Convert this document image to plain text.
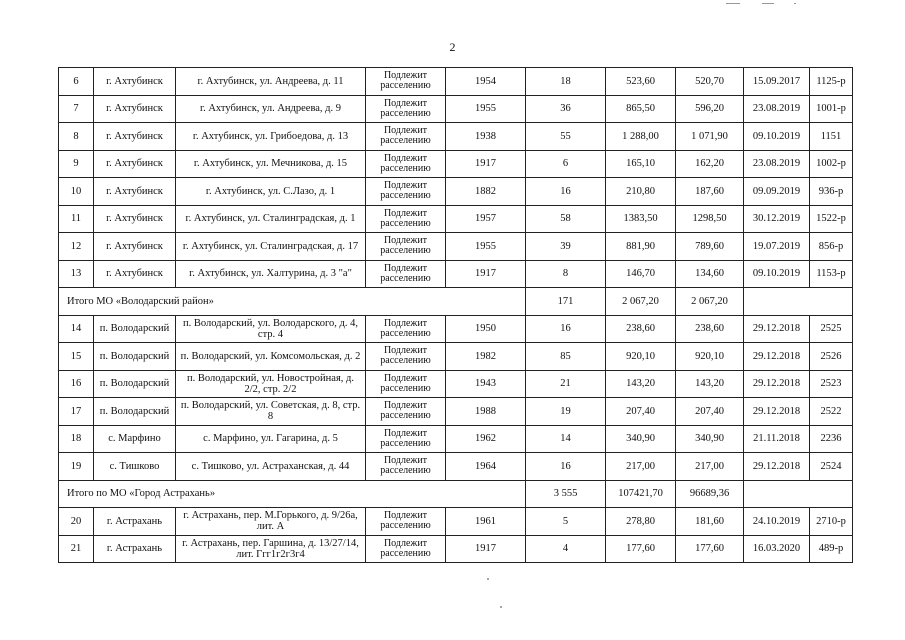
2
6	г. Ахтубинск	г. Ахтубинск, ул. Андреева, д. 11	Подлежит расселению	1954	18	523,60	520,70	15.09.2017	1125-р
7	г. Ахтубинск	г. Ахтубинск, ул. Андреева, д. 9	Подлежит расселению	1955	36	865,50	596,20	23.08.2019	1001-р
8	г. Ахтубинск	г. Ахтубинск, ул. Грибоедова, д. 13	Подлежит расселению	1938	55	1 288,00	1 071,90	09.10.2019	1151
9	г. Ахтубинск	г. Ахтубинск, ул. Мечникова, д. 15	Подлежит расселению	1917	6	165,10	162,20	23.08.2019	1002-р
10	г. Ахтубинск	г. Ахтубинск, ул. С.Лазо, д. 1	Подлежит расселению	1882	16	210,80	187,60	09.09.2019	936-р
11	г. Ахтубинск	г. Ахтубинск, ул. Сталинградская, д. 1	Подлежит расселению	1957	58	1383,50	1298,50	30.12.2019	1522-р
12	г. Ахтубинск	г. Ахтубинск, ул. Сталинградская, д. 17	Подлежит расселению	1955	39	881,90	789,60	19.07.2019	856-р
13	г. Ахтубинск	г. Ахтубинск, ул. Халтурина, д. 3 "а"	Подлежит расселению	1917	8	146,70	134,60	09.10.2019	1153-р
Итого МО «Володарский район»					171	2 067,20	2 067,20		
14	п. Володарский	п. Володарский, ул. Володарского, д. 4, стр. 4	Подлежит расселению	1950	16	238,60	238,60	29.12.2018	2525
15	п. Володарский	п. Володарский, ул. Комсомольская, д. 2	Подлежит расселению	1982	85	920,10	920,10	29.12.2018	2526
16	п. Володарский	п. Володарский, ул. Новостройная, д. 2/2, стр. 2/2	Подлежит расселению	1943	21	143,20	143,20	29.12.2018	2523
17	п. Володарский	п. Володарский, ул. Советская, д. 8, стр. 8	Подлежит расселению	1988	19	207,40	207,40	29.12.2018	2522
18	с. Марфино	с. Марфино, ул. Гагарина, д. 5	Подлежит расселению	1962	14	340,90	340,90	21.11.2018	2236
19	с. Тишково	с. Тишково, ул. Астраханская, д. 44	Подлежит расселению	1964	16	217,00	217,00	29.12.2018	2524
Итого по МО «Город Астрахань»					3 555	107421,70	96689,36		
20	г. Астрахань	г. Астрахань, пер. М.Горького, д. 9/26а, лит. А	Подлежит расселению	1961	5	278,80	181,60	24.10.2019	2710-р
21	г. Астрахань	г. Астрахань, пер. Гаршина, д. 13/27/14, лит. Ггг1г2г3г4	Подлежит расселению	1917	4	177,60	177,60	16.03.2020	489-р
